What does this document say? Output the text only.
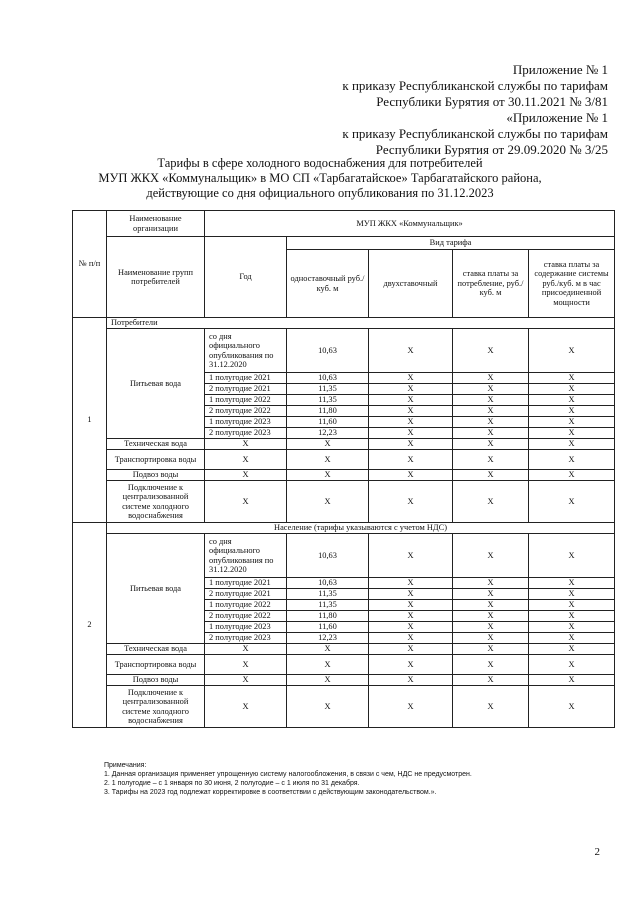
Приложение № 1
к приказу Республиканской службы по тарифам
Республики Бурятия от 30.11.2021 № 3/81
«Приложение № 1
к приказу Республиканской службы по тарифам
Республики Бурятия от 29.09.2020 № 3/25
Тарифы в сфере холодного водоснабжения для потребителей
МУП ЖКХ «Коммунальщик» в МО СП «Тарбагатайское» Тарбагатайского района,
действующие со дня официального опубликования по 31.12.2023
№ п/п	Наименование организации	МУП ЖКХ «Коммунальщик»				
	Наименование групп потребителей	Год	Вид тарифа			
			одноставочный руб./ куб. м	двухставочный	ставка платы за потребление, руб./ куб. м	ставка платы за содержание системы руб./куб. м в час присоединенной мощности
1	Потребители					
	Питьевая вода	со дня официального опубликования по 31.12.2020	10,63	X	X	X
		1 полугодие 2021	10,63	X	X	X
		2 полугодие 2021	11,35	X	X	X
		1 полугодие 2022	11,35	X	X	X
		2 полугодие 2022	11,80	X	X	X
		1 полугодие 2023	11,60	X	X	X
		2 полугодие 2023	12,23	X	X	X
	Техническая вода	X	X	X	X	X
	Транспортировка воды	X	X	X	X	X
	Подвоз воды	X	X	X	X	X
	Подключение к централизованной системе холодного водоснабжения	X	X	X	X	X
2	Население (тарифы указываются с учетом НДС)					
	Питьевая вода	со дня официального опубликования по 31.12.2020	10,63	X	X	X
		1 полугодие 2021	10,63	X	X	X
		2 полугодие 2021	11,35	X	X	X
		1 полугодие 2022	11,35	X	X	X
		2 полугодие 2022	11,80	X	X	X
		1 полугодие 2023	11,60	X	X	X
		2 полугодие 2023	12,23	X	X	X
	Техническая вода	X	X	X	X	X
	Транспортировка воды	X	X	X	X	X
	Подвоз воды	X	X	X	X	X
	Подключение к централизованной системе холодного водоснабжения	X	X	X	X	X
Примечания:
1. Данная организация применяет упрощенную систему налогообложения, в связи с чем, НДС не предусмотрен.
2. 1 полугодие – с 1 января по 30 июня, 2 полугодие – с 1 июля по 31 декабря.
3. Тарифы на 2023 год подлежат корректировке в соответствии с действующим законодательством.».
2
